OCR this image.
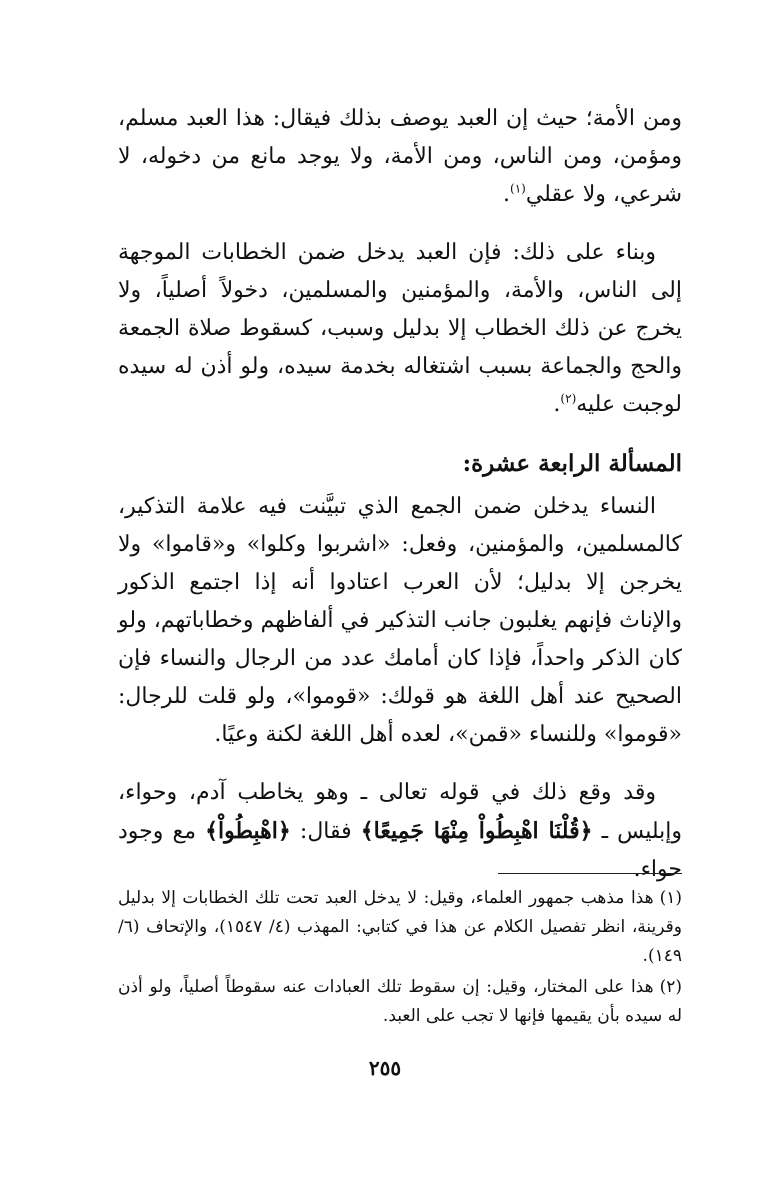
ومن الأمة؛ حيث إن العبد يوصف بذلك فيقال: هذا العبد مسلم، ومؤمن، ومن الناس، ومن الأمة، ولا يوجد مانع من دخوله، لا شرعي، ولا عقلي$^{(١)}$.

وبناء على ذلك: فإن العبد يدخل ضمن الخطابات الموجهة إلى الناس، والأمة، والمؤمنين والمسلمين، دخولاً أصلياً، ولا يخرج عن ذلك الخطاب إلا بدليل وسبب، كسقوط صلاة الجمعة والحج والجماعة بسبب اشتغاله بخدمة سيده، ولو أذن له سيده لوجبت عليه$^{(٢)}$.

المسألة الرابعة عشرة:

النساء يدخلن ضمن الجمع الذي تبيَّنت فيه علامة التذكير، كالمسلمين، والمؤمنين، وفعل: «اشربوا وكلوا» و«قاموا» ولا يخرجن إلا بدليل؛ لأن العرب اعتادوا أنه إذا اجتمع الذكور والإناث فإنهم يغلبون جانب التذكير في ألفاظهم وخطاباتهم، ولو كان الذكر واحداً، فإذا كان أمامك عدد من الرجال والنساء فإن الصحيح عند أهل اللغة هو قولك: «قوموا»، ولو قلت للرجال: «قوموا» وللنساء «قمن»، لعده أهل اللغة لكنة وعيًا.

وقد وقع ذلك في قوله تعالى ـ وهو يخاطب آدم، وحواء، وإبليس ـ ﴿قُلْنَا اهْبِطُواْ مِنْهَا جَمِيعًا﴾ فقال: ﴿اهْبِطُواْ﴾ مع وجود حواء.

(١)هذا مذهب جمهور العلماء، وقيل: لا يدخل العبد تحت تلك الخطابات إلا بدليل وقرينة، انظر تفصيل الكلام عن هذا في كتابي: المهذب (٤/ ١٥٤٧)، والإتحاف (٦/ ١٤٩).

(٢)هذا على المختار، وقيل: إن سقوط تلك العبادات عنه سقوطاً أصلياً، ولو أذن له سيده بأن يقيمها فإنها لا تجب على العبد.

٢٥٥
